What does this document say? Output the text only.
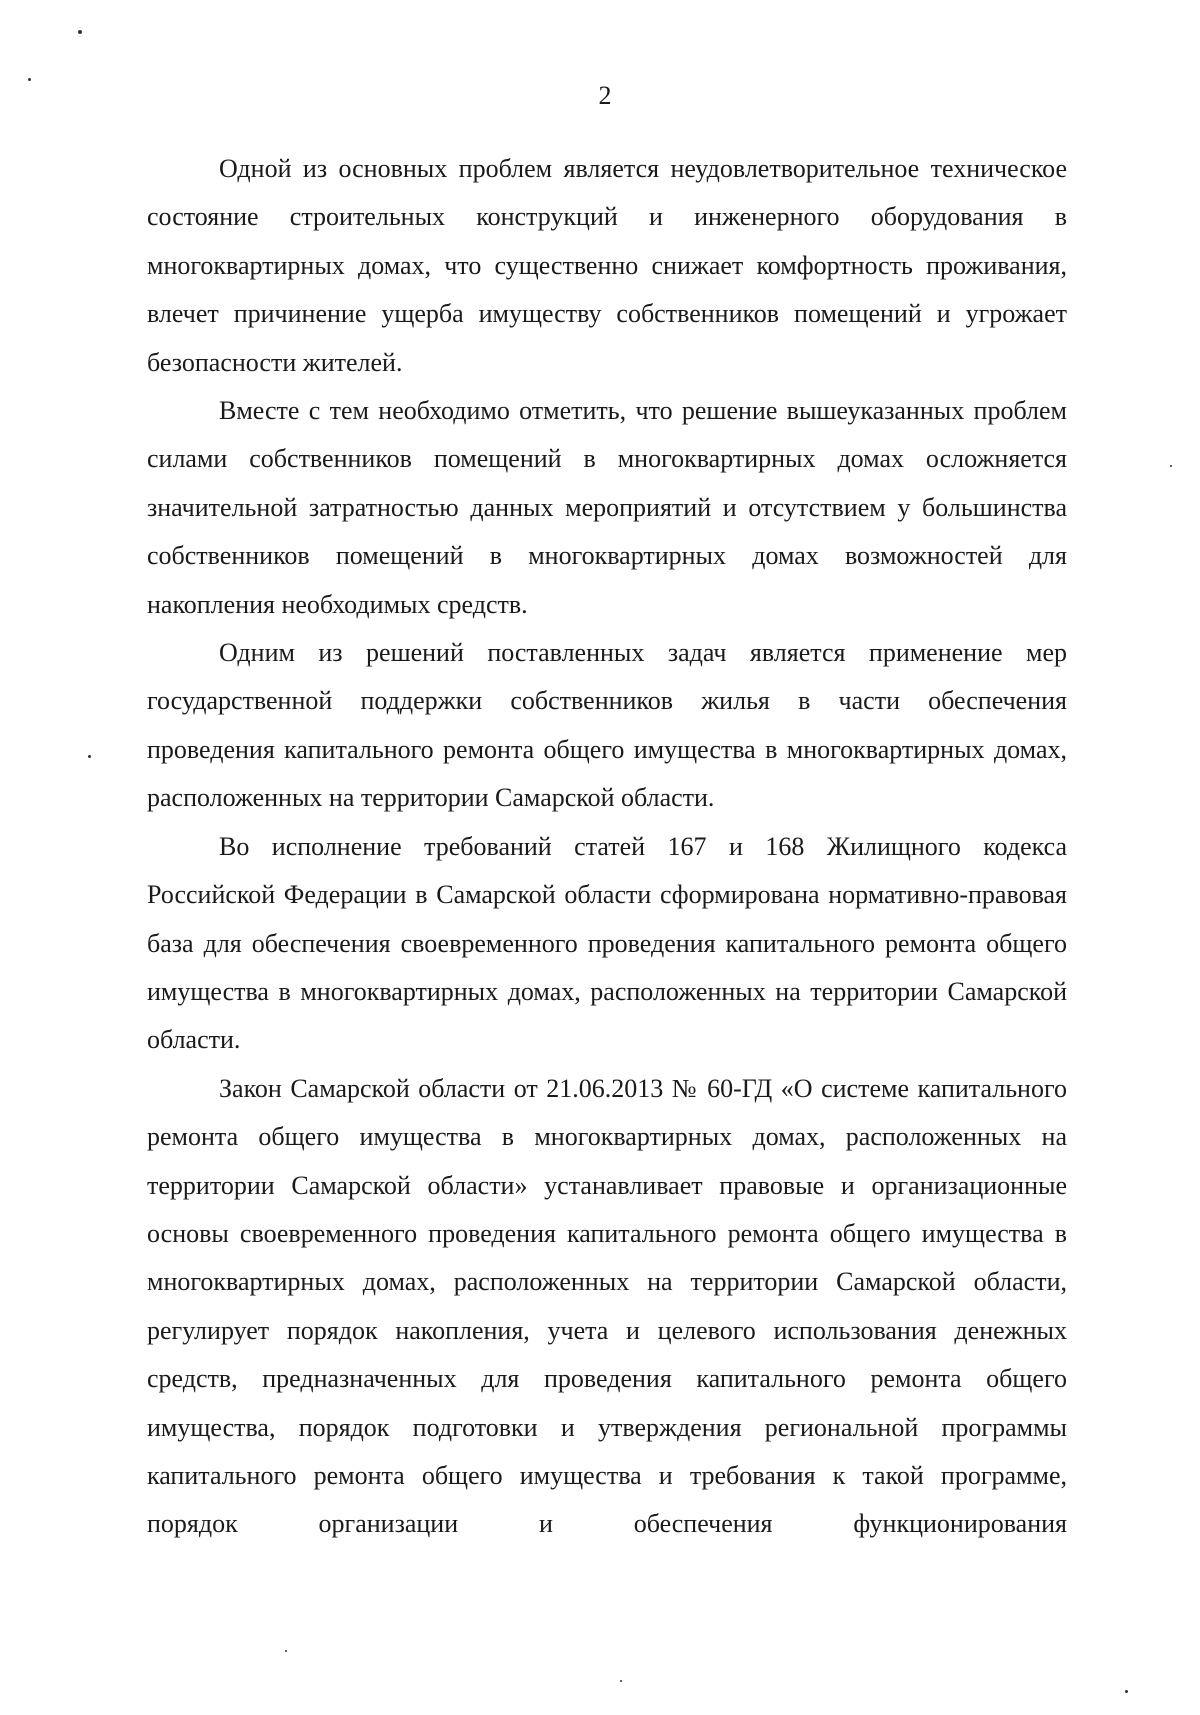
2

Одной из основных проблем является неудовлетворительное техническое состояние строительных конструкций и инженерного оборудования в многоквартирных домах, что существенно снижает комфортность проживания, влечет причинение ущерба имуществу собственников помещений и угрожает безопасности жителей.

Вместе с тем необходимо отметить, что решение вышеуказанных проблем силами собственников помещений в многоквартирных домах осложняется значительной затратностью данных мероприятий и отсутствием у большинства собственников помещений в многоквартирных домах возможностей для накопления необходимых средств.

Одним из решений поставленных задач является применение мер государственной поддержки собственников жилья в части обеспечения проведения капитального ремонта общего имущества в многоквартирных домах, расположенных на территории Самарской области.

Во исполнение требований статей 167 и 168 Жилищного кодекса Российской Федерации в Самарской области сформирована нормативно-правовая база для обеспечения своевременного проведения капитального ремонта общего имущества в многоквартирных домах, расположенных на территории Самарской области.

Закон Самарской области от 21.06.2013 № 60-ГД «О системе капитального ремонта общего имущества в многоквартирных домах, расположенных на территории Самарской области» устанавливает правовые и организационные основы своевременного проведения капитального ремонта общего имущества в многоквартирных домах, расположенных на территории Самарской области, регулирует порядок накопления, учета и целевого использования денежных средств, предназначенных для проведения капитального ремонта общего имущества, порядок подготовки и утверждения региональной программы капитального ремонта общего имущества и требования к такой программе, порядок организации и обеспечения функционирования
